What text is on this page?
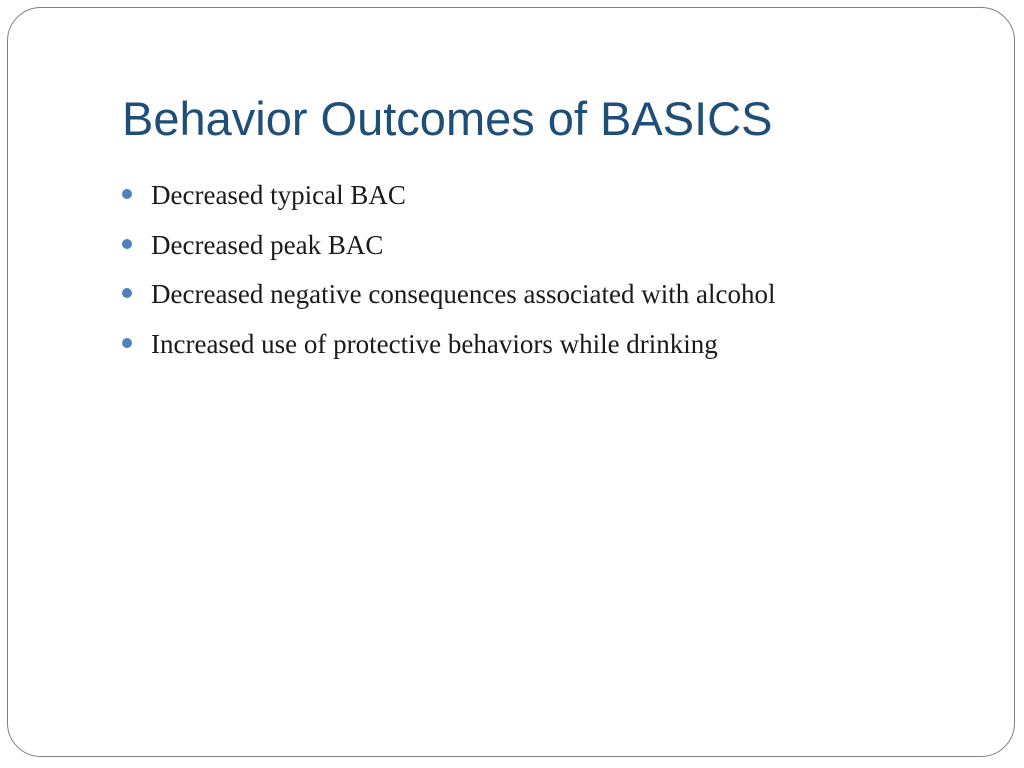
Behavior Outcomes of BASICS
Decreased typical BAC
Decreased peak BAC
Decreased negative consequences associated with alcohol
Increased use of protective behaviors while drinking
